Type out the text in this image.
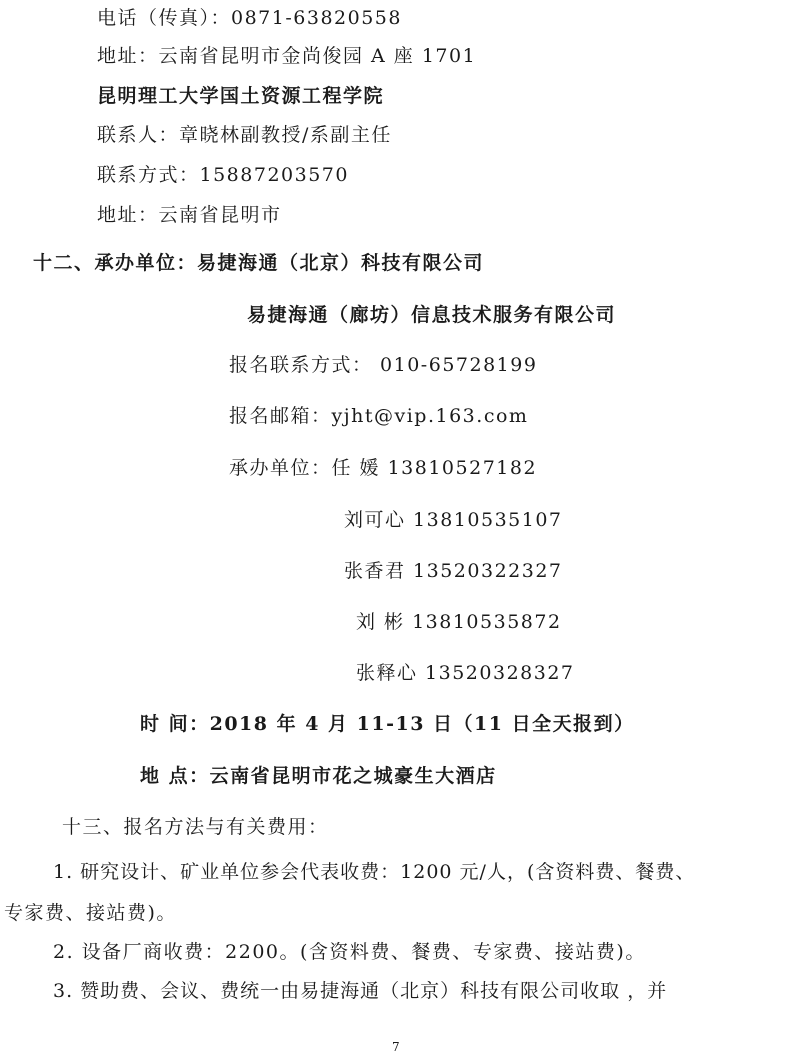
电话（传真）：0871-63820558
地址：云南省昆明市金尚俊园 A 座 1701
昆明理工大学国土资源工程学院
联系人：章晓林副教授/系副主任
联系方式：15887203570
地址：云南省昆明市
十二、承办单位：易捷海通（北京）科技有限公司
易捷海通（廊坊）信息技术服务有限公司
报名联系方式： 010-65728199
报名邮箱：yjht@vip.163.com
承办单位：任 媛 13810527182
刘可心 13810535107
张香君 13520322327
刘 彬 13810535872
张释心 13520328327
时 间：2018 年 4 月 11-13 日（11 日全天报到）
地 点：云南省昆明市花之城豪生大酒店
十三、报名方法与有关费用：
1. 研究设计、矿业单位参会代表收费：1200 元/人，(含资料费、餐费、
专家费、接站费)。
2. 设备厂商收费：2200。(含资料费、餐费、专家费、接站费)。
3. 赞助费、会议、费统一由易捷海通（北京）科技有限公司收取 ，并
7
